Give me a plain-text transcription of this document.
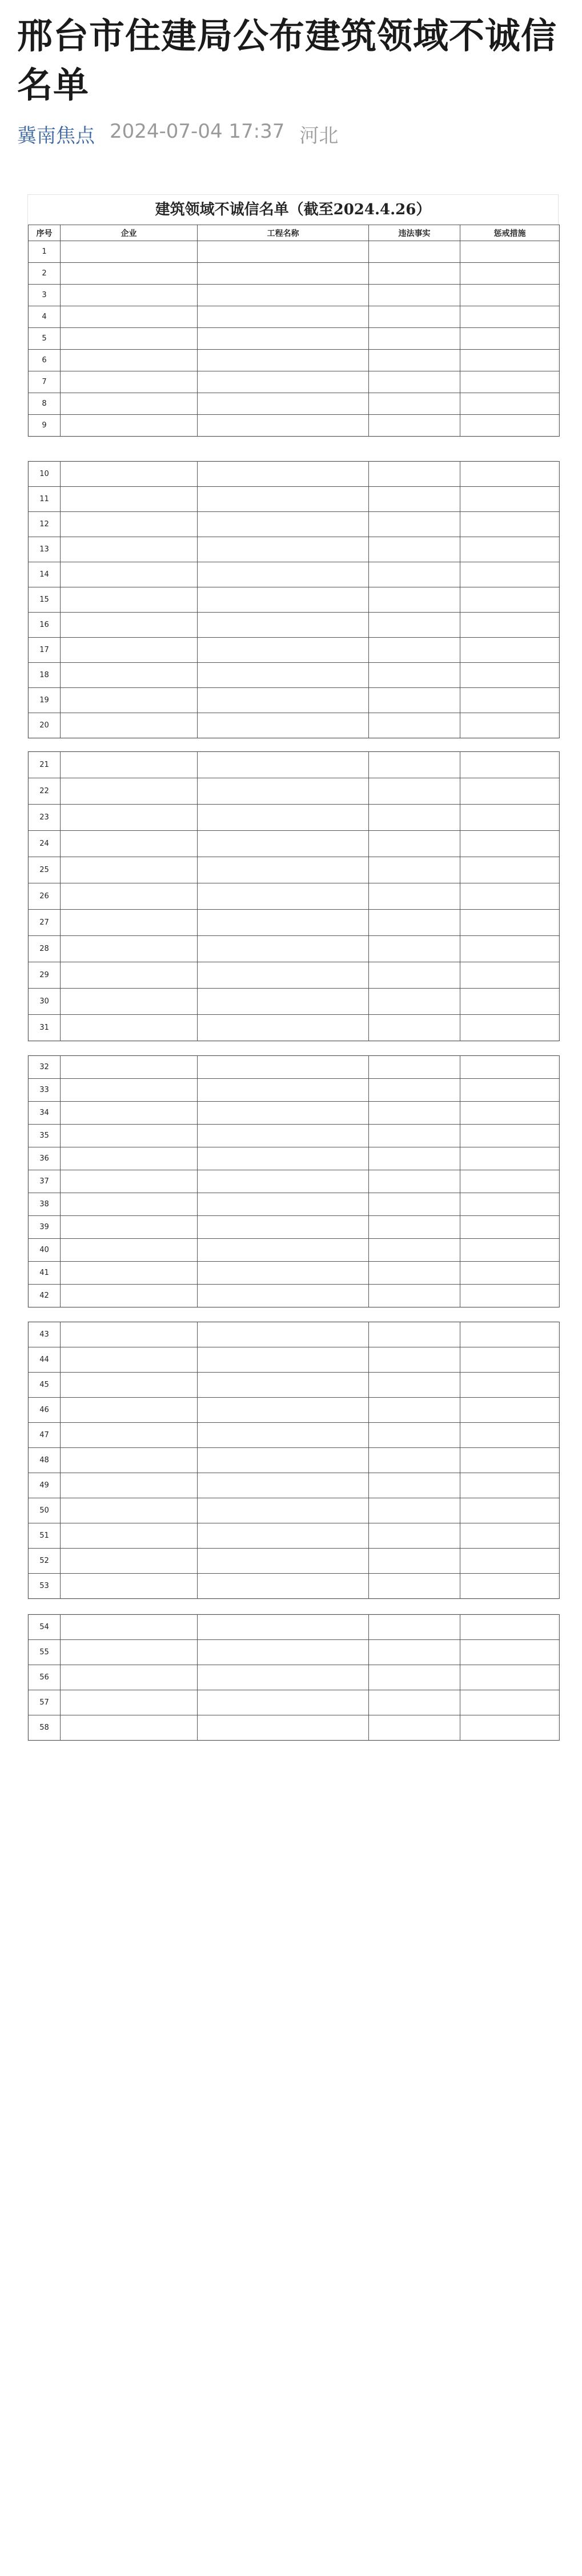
邢台市住建局公布建筑领域不诚信名单
冀南焦点 2024-07-04 17:37 河北
建筑领域不诚信名单（截至2024.4.26）
序号	企业	工程名称	违法事实	惩戒措施
1				
2				
3				
4				
5				
6				
7				
8				
9				
10				
11				
12				
13				
14				
15				
16				
17				
18				
19				
20				
21				
22				
23				
24				
25				
26				
27				
28				
29				
30				
31				
32				
33				
34				
35				
36				
37				
38				
39				
40				
41				
42				
43				
44				
45				
46				
47				
48				
49				
50				
51				
52				
53				
54				
55				
56				
57				
58				
